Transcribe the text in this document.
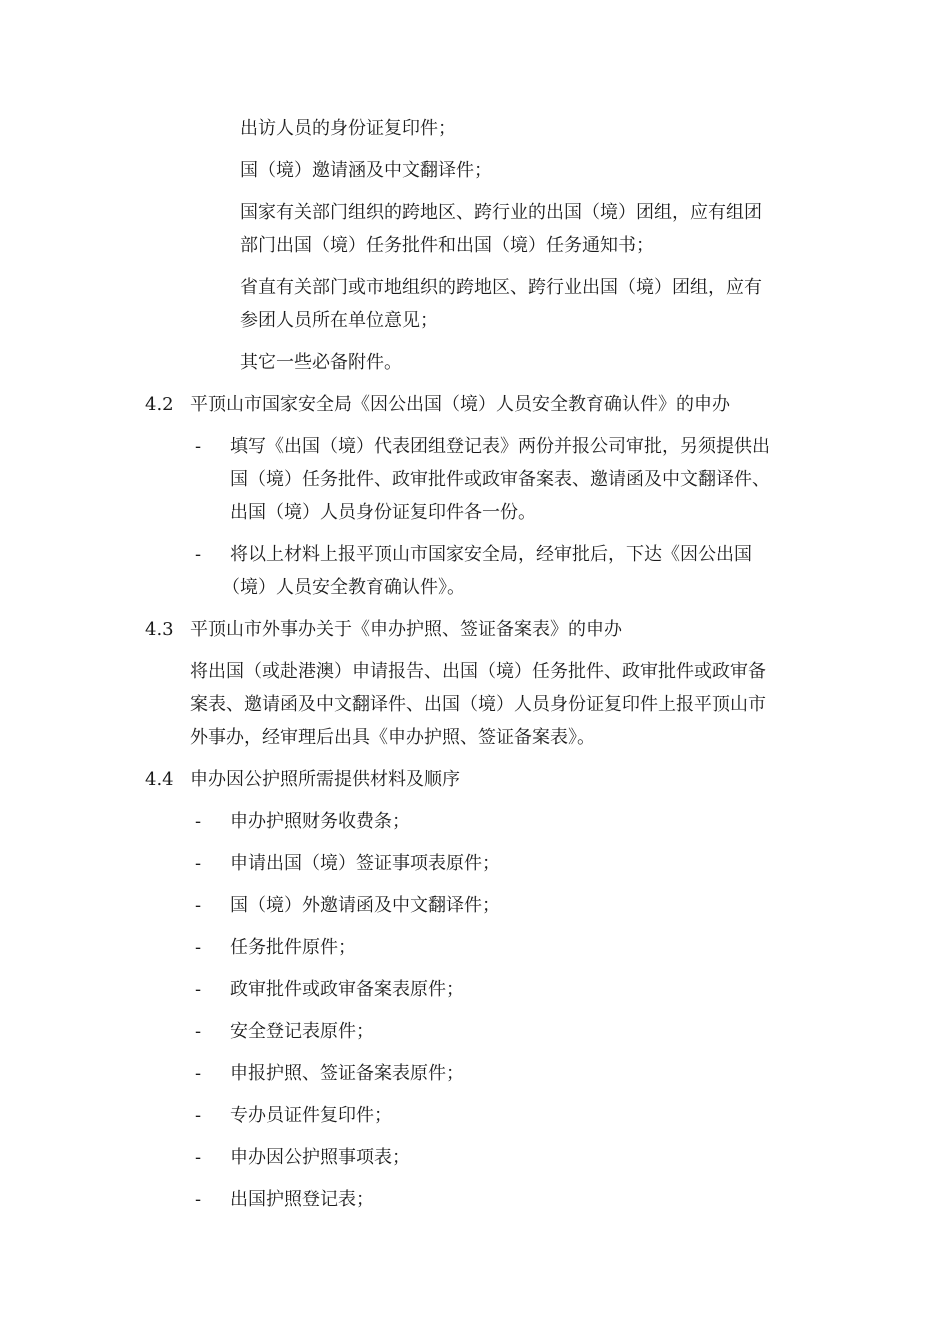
出访人员的身份证复印件；
国（境）邀请涵及中文翻译件；
国家有关部门组织的跨地区、跨行业的出国（境）团组，应有组团
部门出国（境）任务批件和出国（境）任务通知书；
省直有关部门或市地组织的跨地区、跨行业出国（境）团组，应有
参团人员所在单位意见；
其它一些必备附件。
4.2 平顶山市国家安全局《因公出国（境）人员安全教育确认件》的申办
- 填写《出国（境）代表团组登记表》两份并报公司审批，另须提供出
国（境）任务批件、政审批件或政审备案表、邀请函及中文翻译件、
出国（境）人员身份证复印件各一份。
- 将以上材料上报平顶山市国家安全局，经审批后，下达《因公出国
（境）人员安全教育确认件》。
4.3 平顶山市外事办关于《申办护照、签证备案表》的申办
将出国（或赴港澳）申请报告、出国（境）任务批件、政审批件或政审备
案表、邀请函及中文翻译件、出国（境）人员身份证复印件上报平顶山市
外事办，经审理后出具《申办护照、签证备案表》。
4.4 申办因公护照所需提供材料及顺序
- 申办护照财务收费条；
- 申请出国（境）签证事项表原件；
- 国（境）外邀请函及中文翻译件；
- 任务批件原件；
- 政审批件或政审备案表原件；
- 安全登记表原件；
- 申报护照、签证备案表原件；
- 专办员证件复印件；
- 申办因公护照事项表；
- 出国护照登记表；
